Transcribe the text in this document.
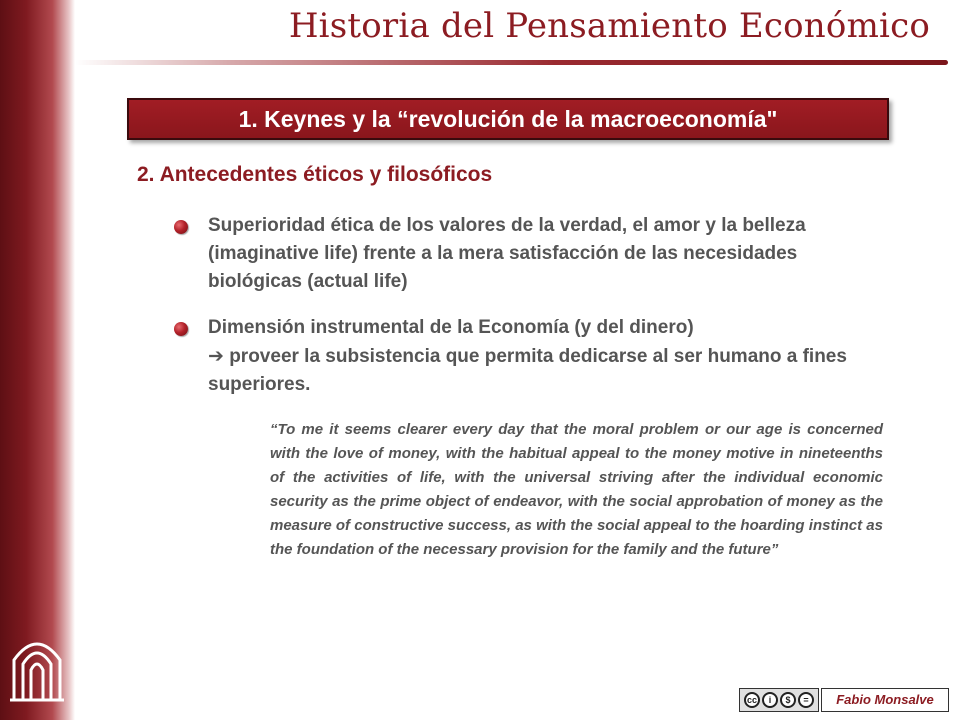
Historia del Pensamiento Económico
1. Keynes y la “revolución de la macroeconomía"
2. Antecedentes éticos y filosóficos
Superioridad ética de los valores de la verdad, el amor y la belleza (imaginative life) frente a la mera satisfacción de las necesidades biológicas (actual life)
Dimensión instrumental de la Economía (y del dinero)
➔ proveer la subsistencia que permita dedicarse al ser humano a fines superiores.
“To me it seems clearer every day that the moral problem or our age is concerned with the love of money, with the habitual appeal to the money motive in nineteenths of the activities of life, with the universal striving after the individual economic security as the prime object of endeavor, with the social approbation of money as the measure of constructive success, as with the social appeal to the hoarding instinct as the foundation of the necessary provision for the family and the future”
cc	i	$	=	Fabio Monsalve
